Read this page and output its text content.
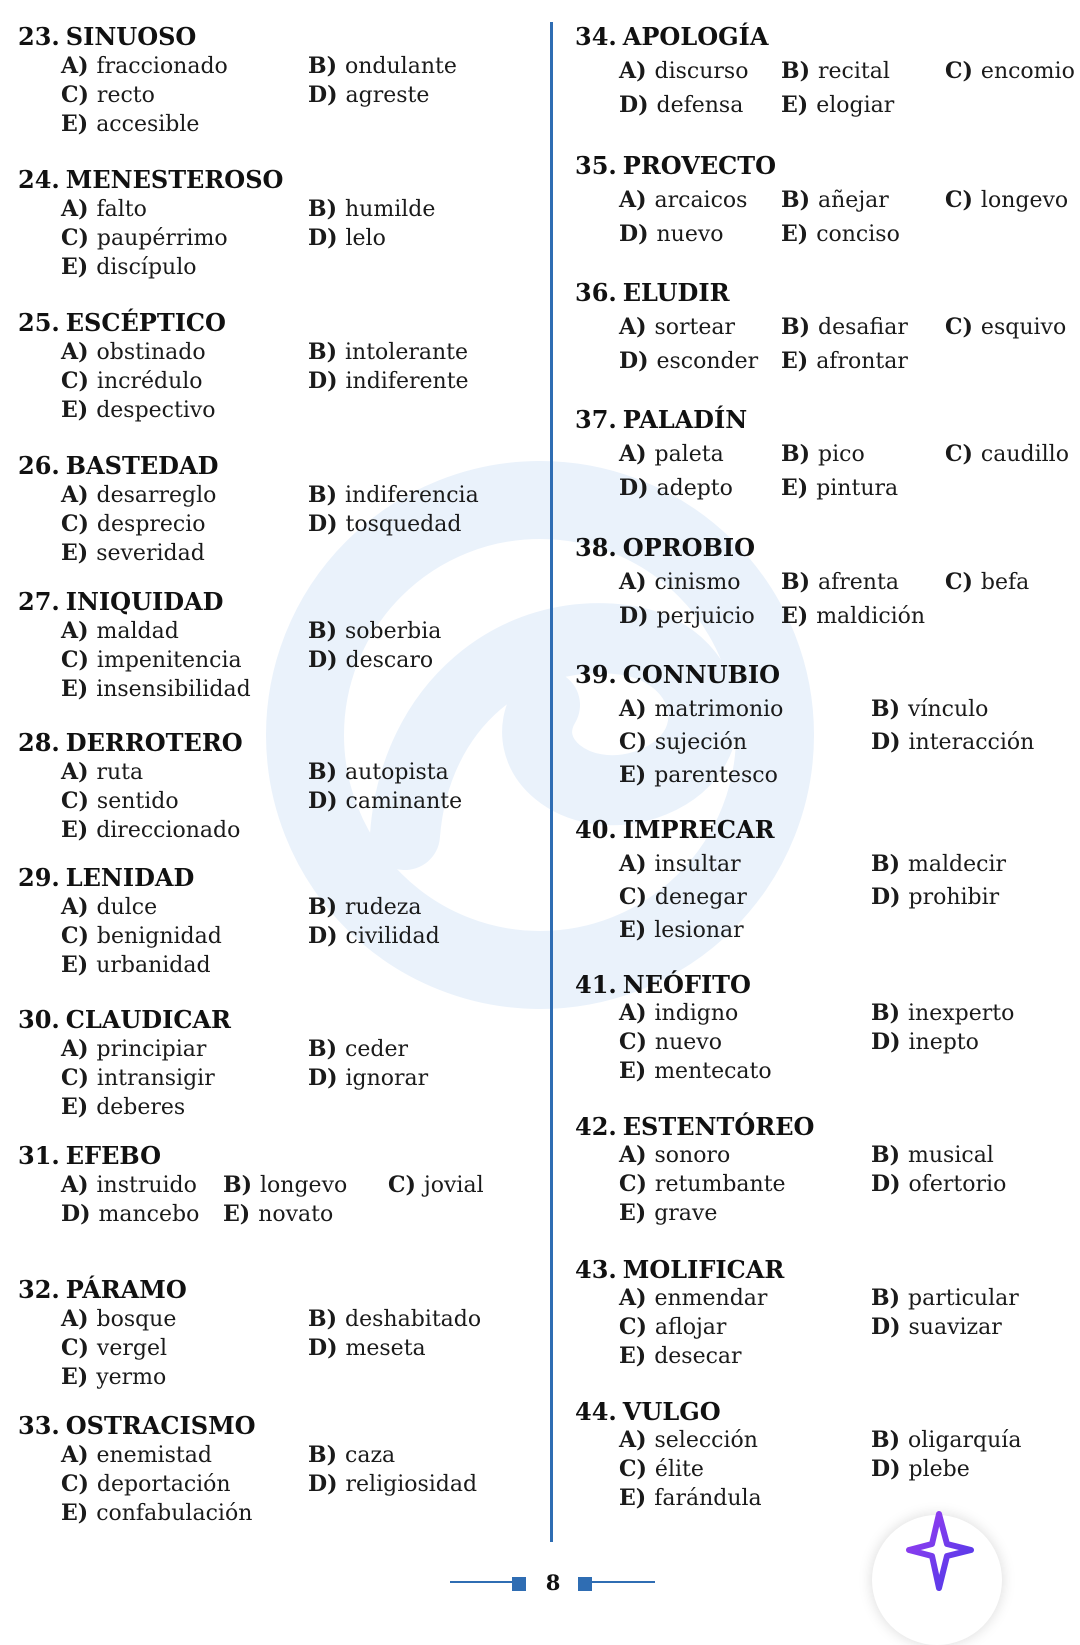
23. SINUOSO
A) fraccionado	B) ondulante
C) recto	D) agreste
E) accesible
24. MENESTEROSO
A) falto	B) humilde
C) paupérrimo	D) lelo
E) discípulo
25. ESCÉPTICO
A) obstinado	B) intolerante
C) incrédulo	D) indiferente
E) despectivo
26. BASTEDAD
A) desarreglo	B) indiferencia
C) desprecio	D) tosquedad
E) severidad
27. INIQUIDAD
A) maldad	B) soberbia
C) impenitencia	D) descaro
E) insensibilidad
28. DERROTERO
A) ruta	B) autopista
C) sentido	D) caminante
E) direccionado
29. LENIDAD
A) dulce	B) rudeza
C) benignidad	D) civilidad
E) urbanidad
30. CLAUDICAR
A) principiar	B) ceder
C) intransigir	D) ignorar
E) deberes
31. EFEBO
A) instruido B) longevo C) jovial
D) mancebo E) novato
32. PÁRAMO
A) bosque	B) deshabitado
C) vergel	D) meseta
E) yermo
33. OSTRACISMO
A) enemistad	B) caza
C) deportación	D) religiosidad
E) confabulación
34. APOLOGÍA
A) discurso B) recital	C) encomio
D) defensa E) elogiar
35. PROVECTO
A) arcaicos B) añejar	C) longevo
D) nuevo	E) conciso
36. ELUDIR
A) sortear B) desafiar C) esquivo
D) esconder E) afrontar
37. PALADÍN
A) paleta	B) pico	C) caudillo
D) adepto E) pintura
38. OPROBIO
A) cinismo B) afrenta C) befa
D) perjuicio E) maldición
39. CONNUBIO
A) matrimonio	B) vínculo
C) sujeción	D) interacción
E) parentesco
40. IMPRECAR
A) insultar	B) maldecir
C) denegar	D) prohibir
E) lesionar
41. NEÓFITO
A) indigno	B) inexperto
C) nuevo	D) inepto
E) mentecato
42. ESTENTÓREO
A) sonoro	B) musical
C) retumbante	D) ofertorio
E) grave
43. MOLIFICAR
A) enmendar	B) particular
C) aflojar	D) suavizar
E) desecar
44. VULGO
A) selección	B) oligarquía
C) élite	D) plebe
E) farándula
8
